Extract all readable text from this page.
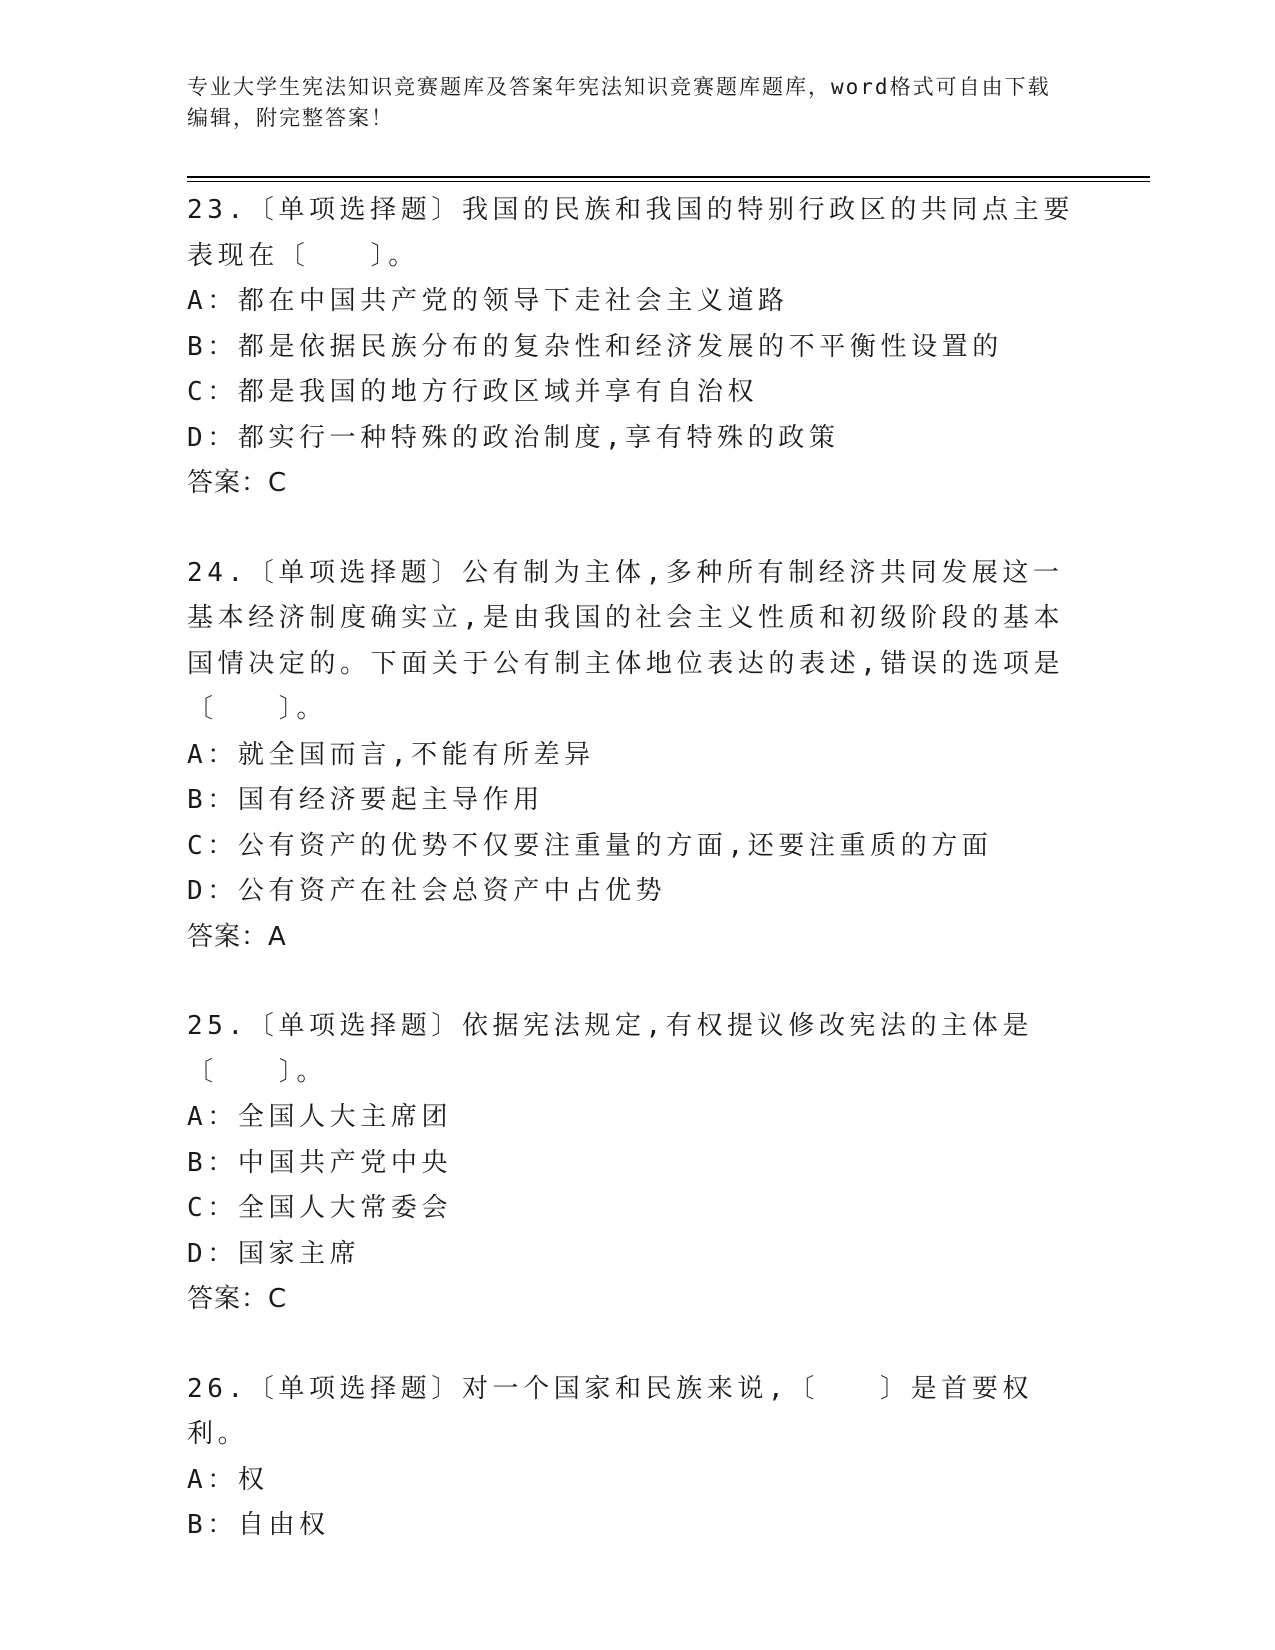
专业大学生宪法知识竞赛题库及答案年宪法知识竞赛题库题库，word格式可自由下载编辑，附完整答案！
23.〔单项选择题〕我国的民族和我国的特别行政区的共同点主要表现在〔　　〕。
A：都在中国共产党的领导下走社会主义道路
B：都是依据民族分布的复杂性和经济发展的不平衡性设置的
C：都是我国的地方行政区域并享有自治权
D：都实行一种特殊的政治制度,享有特殊的政策
答案：C
24.〔单项选择题〕公有制为主体,多种所有制经济共同发展这一基本经济制度确实立,是由我国的社会主义性质和初级阶段的基本国情决定的。下面关于公有制主体地位表达的表述,错误的选项是〔　　〕。
A：就全国而言,不能有所差异
B：国有经济要起主导作用
C：公有资产的优势不仅要注重量的方面,还要注重质的方面
D：公有资产在社会总资产中占优势
答案：A
25.〔单项选择题〕依据宪法规定,有权提议修改宪法的主体是〔　　〕。
A：全国人大主席团
B：中国共产党中央
C：全国人大常委会
D：国家主席
答案：C
26.〔单项选择题〕对一个国家和民族来说,〔　　〕是首要权利。
A：权
B：自由权
